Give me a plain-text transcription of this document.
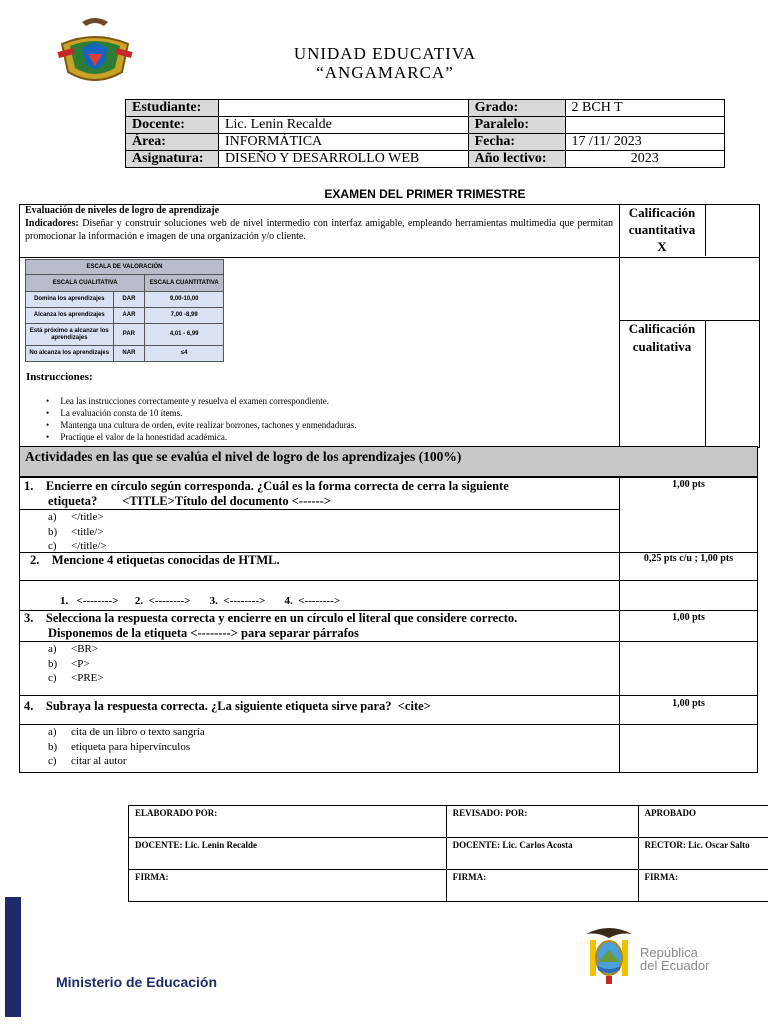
UNIDAD EDUCATIVA
“ANGAMARCA”
Estudiante:		Grado:	2 BCH T
Docente:	Lic. Lenin Recalde	Paralelo:	
Área:	INFORMÁTICA	Fecha:	17 /11/ 2023
Asignatura:	DISEÑO Y DESARROLLO WEB	Año lectivo:	2023
EXAMEN DEL PRIMER TRIMESTRE
Evaluación de niveles de logro de aprendizaje
Indicadores: Diseñar y construir soluciones web de nivel intermedio con interfaz amigable, empleando herramientas multimedia que permitan promocionar la información e imagen de una organización y/o cliente.
Calificación
cuantitativa
X
Calificación
cualitativa
ESCALA DE VALORACIÓN		
ESCALA CUALITATIVA		ESCALA CUANTITATIVA
Domina los aprendizajes	DAR	9,00-10,00
Alcanza los aprendizajes	AAR	7,00 -8,99
Está próximo a alcanzar los aprendizajes	PAR	4,01 - 6,99
No alcanza los aprendizajes	NAR	≤4
Instrucciones:
•     Lea las instrucciones correctamente y resuelva el examen correspondiente.
•     La evaluación consta de 10 ítems.
•     Mantenga una cultura de orden, evite realizar borrones, tachones y enmendaduras.
•     Practique el valor de la honestidad académica.
Actividades en las que se evalúa el nivel de logro de los aprendizajes (100%)
1.    Encierre en círculo según corresponda. ¿Cuál es la forma correcta de cerra la siguiente
etiqueta?        <TITLE>Título del documento <------>
1,00 pts
a) </title>
b) <title/>
c) </title/>
2.    Mencione 4 etiquetas conocidas de HTML.	0,25 pts c/u ; 1,00 pts
1.   <-------->      2.  <-------->       3.  <-------->       4.  <-------->
3.    Selecciona la respuesta correcta y encierre en un círculo el literal que considere correcto.
Disponemos de la etiqueta <--------> para separar párrafos
1,00 pts
a) <BR>
b) <P>
c) <PRE>
4.    Subraya la respuesta correcta. ¿La siguiente etiqueta sirve para?  <cite>	1,00 pts
a) cita de un libro o texto sangría
b) etiqueta para hipervínculos
c) citar al autor
ELABORADO POR:	REVISADO: POR:	APROBADO
DOCENTE: Lic. Lenin Recalde	DOCENTE: Lic. Carlos Acosta	RECTOR: Lic. Oscar Salto
FIRMA:	FIRMA:	FIRMA:
Ministerio de Educación
República
del Ecuador
